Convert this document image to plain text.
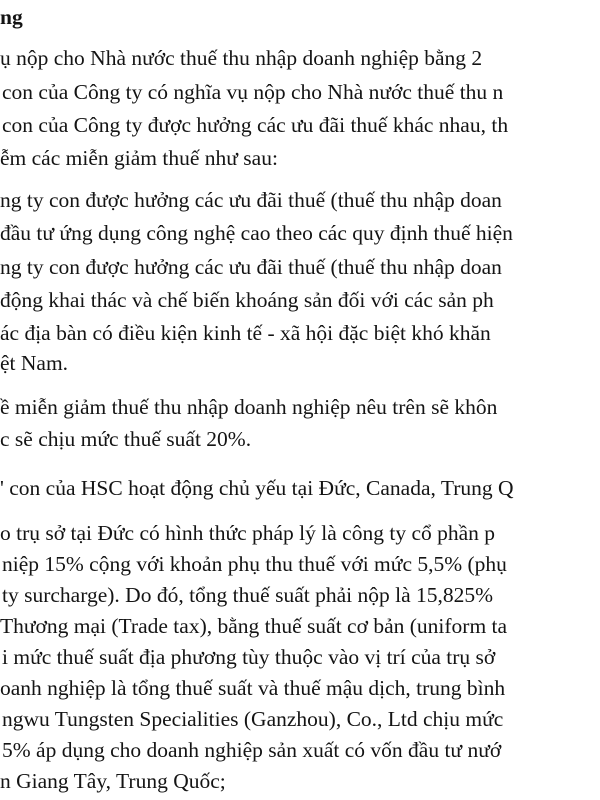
ng
ụ nộp cho Nhà nước thuế thu nhập doanh nghiệp bằng 2
con của Công ty có nghĩa vụ nộp cho Nhà nước thuế thu n
con của Công ty được hưởng các ưu đãi thuế khác nhau, th
ễm các miễn giảm thuế như sau:
ng ty con được hưởng các ưu đãi thuế (thuế thu nhập doan
đầu tư ứng dụng công nghệ cao theo các quy định thuế hiện
ng ty con được hưởng các ưu đãi thuế (thuế thu nhập doan
động khai thác và chế biến khoáng sản đối với các sản ph
ác địa bàn có điều kiện kinh tế - xã hội đặc biệt khó khăn
ệt Nam.
ề miễn giảm thuế thu nhập doanh nghiệp nêu trên sẽ khôn
c sẽ chịu mức thuế suất 20%.
' con của HSC hoạt động chủ yếu tại Đức, Canada, Trung Q
o trụ sở tại Đức có hình thức pháp lý là công ty cổ phần p
niệp 15% cộng với khoản phụ thu thuế với mức 5,5% (phụ
ty surcharge). Do đó, tổng thuế suất phải nộp là 15,825%
Thương mại (Trade tax), bằng thuế suất cơ bản (uniform ta
i mức thuế suất địa phương tùy thuộc vào vị trí của trụ sở
oanh nghiệp là tổng thuế suất và thuế mậu dịch, trung bình
ngwu Tungsten Specialities (Ganzhou), Co., Ltd chịu mức
5% áp dụng cho doanh nghiệp sản xuất có vốn đầu tư nướ
n Giang Tây, Trung Quốc;
